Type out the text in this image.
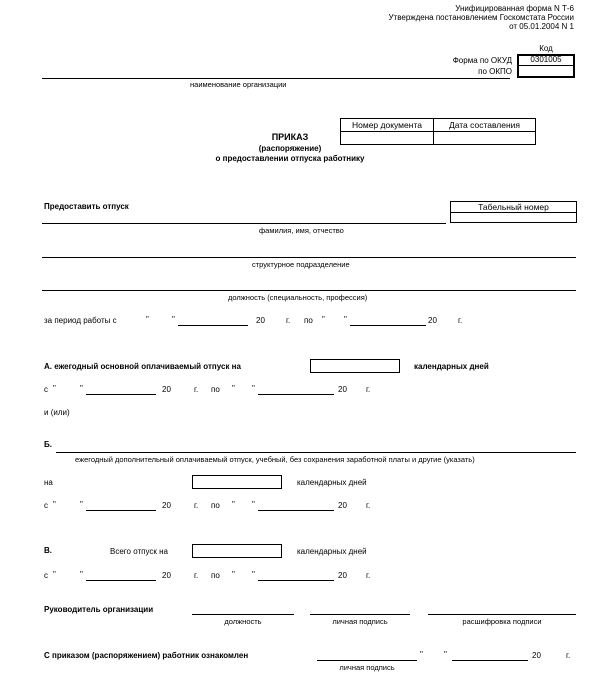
Унифицированная форма N Т-6
Утверждена постановлением Госкомстата России
от 05.01.2004 N 1
Код
0301005
Форма по ОКУД
по ОКПО
наименование организации
Номер документа	Дата составления
ПРИКАЗ
(распоряжение)
о предоставлении отпуска работнику
Предоставить отпуск	Табельный номер
фамилия, имя, отчество
структурное подразделение
должность (специальность, профессия)
за период работы с	"	"	20	г. по " "	20	г.
А. ежегодный основной оплачиваемый отпуск на	календарных дней
с "	"	20	г. по " "	20 г.
и (или)
Б.
ежегодный дополнительный оплачиваемый отпуск, учебный, без сохранения заработной платы и другие (указать)
на	календарных дней
с "	"	20	г. по " "	20 г.
В.	Всего отпуск на	календарных дней
с "	"	20	г. по " "	20 г.
Руководитель организации
должность	личная подпись	расшифровка подписи
С приказом (распоряжением) работник ознакомлен
личная подпись
"	"	20	г.
